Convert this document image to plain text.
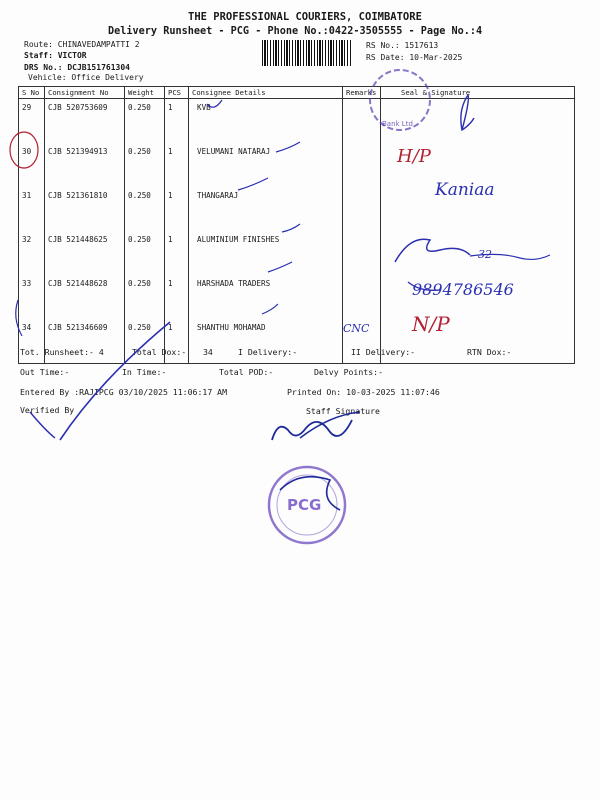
THE PROFESSIONAL COURIERS, COIMBATORE
Delivery Runsheet - PCG - Phone No.:0422-3505555 - Page No.:4
Route: CHINAVEDAMPATTI 2
Staff: VICTOR
DRS No.: DCJB151761304
Vehicle: Office Delivery
RS No.: 1517613
RS Date: 10-Mar-2025
S No	Consignment No	Weight	PCS	Consignee Details	Remarks	Seal & Signature
29	CJB 520753609	0.250	1	KVB		
30	CJB 521394913	0.250	1	VELUMANI NATARAJ		
31	CJB 521361810	0.250	1	THANGARAJ		
32	CJB 521448625	0.250	1	ALUMINIUM FINISHES		
33	CJB 521448628	0.250	1	HARSHADA TRADERS		
34	CJB 521346609	0.250	1	SHANTHU MOHAMAD		
Tot. Runsheet:- 4	Total Dox:- 34	I Delivery:-	II Delivery:-	RTN Dox:-
Out Time:-	In Time:-	Total POD:-	Delvy Points:-
Entered By :RAJIPCG 03/10/2025 11:06:17 AM	Printed On: 10-03-2025 11:07:46
Verified By	Staff Signature
Bank Ltd
H/P
Kaniaa
32
9894786546
N/P
CNC
PCG
